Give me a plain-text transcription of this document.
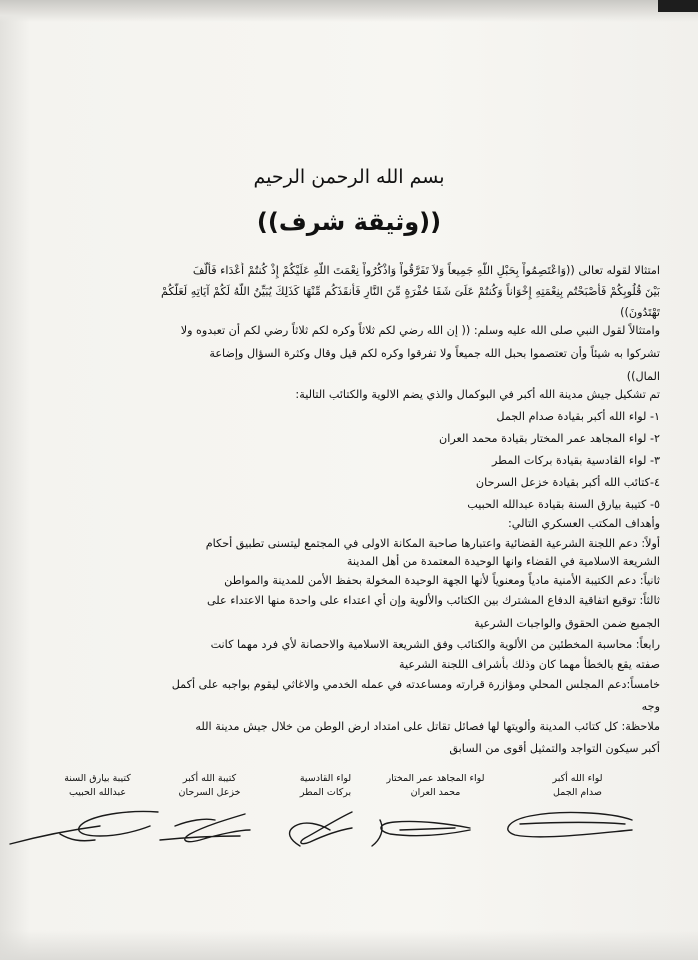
بسم الله الرحمن الرحيم
((وثيقة شرف))
امتثالا لقوله تعالى ((وَاعْتَصِمُواْ بِحَبْلِ اللّهِ جَمِيعاً وَلاَ تَفَرَّقُواْ وَاذْكُرُواْ نِعْمَتَ اللّهِ عَلَيْكُمْ إِذْ كُنتُمْ أَعْدَاء فَأَلَّفَ
بَيْنَ قُلُوبِكُمْ فَأَصْبَحْتُم بِنِعْمَتِهِ إِخْوَاناً وَكُنتُمْ عَلَىَ شَفَا حُفْرَةٍ مِّنَ النَّارِ فَأَنقَذَكُم مِّنْهَا كَذَلِكَ يُبَيِّنُ اللّهُ لَكُمْ آيَاتِهِ لَعَلَّكُمْ
تَهْتَدُونَ))
وامتثالاً لقول النبي صلى الله عليه وسلم: (( إن الله رضي لكم ثلاثاً وكره لكم ثلاثاً رضي لكم أن تعبدوه ولا
تشركوا به شيئاً وأن تعتصموا بحبل الله جميعاً ولا تفرقوا وكره لكم قيل وقال وكثرة السؤال وإضاعة
المال))
تم تشكيل جيش مدينة الله أكبر في البوكمال والذي يضم الالوية والكتائب التالية:
١- لواء الله أكبر بقيادة صدام الجمل
٢- لواء المجاهد عمر المختار بقيادة محمد العران
٣- لواء القادسية بقيادة بركات المطر
٤-كتائب الله أكبر بقيادة خزعل السرحان
٥- كتيبة بيارق السنة بقيادة عبدالله الحبيب
وأهداف المكتب العسكري التالي:
أولاً: دعم اللجنة الشرعية القضائية واعتبارها صاحبة المكانة الاولى في المجتمع ليتسنى تطبيق أحكام
الشريعة الاسلامية في القضاء وانها الوحيدة المعتمدة من أهل المدينة
ثانياً: دعم الكتيبة الأمنية مادياً ومعنوياً لأنها الجهة الوحيدة المخولة بحفظ الأمن للمدينة والمواطن
ثالثاً: توقيع اتفاقية الدفاع المشترك بين الكتائب والألوية وإن أي اعتداء على واحدة منها الاعتداء على
الجميع ضمن الحقوق والواجبات الشرعية
رابعاً: محاسبة المخطئين من الألوية والكتائب وفق الشريعة الاسلامية والاحصانة لأي فرد مهما كانت
صفته يقع بالخطأ مهما كان وذلك بأشراف اللجنة الشرعية
خامساً:دعم المجلس المحلي ومؤازرة قرارته ومساعدته في عمله الخدمي والاغاثي ليقوم بواجبه على أكمل
وجه
ملاحظة: كل كتائب المدينة وألويتها لها فصائل تقاتل على امتداد ارض الوطن من خلال جيش مدينة الله
أكبر سيكون التواجد والتمثيل أقوى من السابق
لواء الله أكبر
صدام الجمل
لواء المجاهد عمر المختار
محمد العران
لواء القادسية
بركات المطر
كتيبة الله أكبر
خزعل السرحان
كتيبة بيارق السنة
عبدالله الحبيب
